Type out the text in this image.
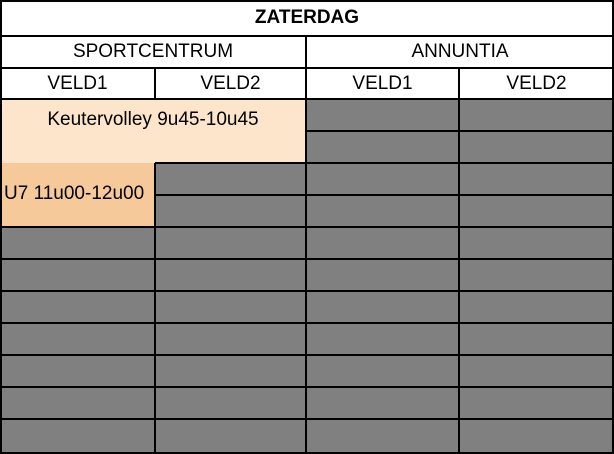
ZATERDAG
SPORTCENTRUM	ANNUNTIA
VELD1	VELD2	VELD1	VELD2
Keutervolley 9u45-10u45
U7 11u00-12u00
